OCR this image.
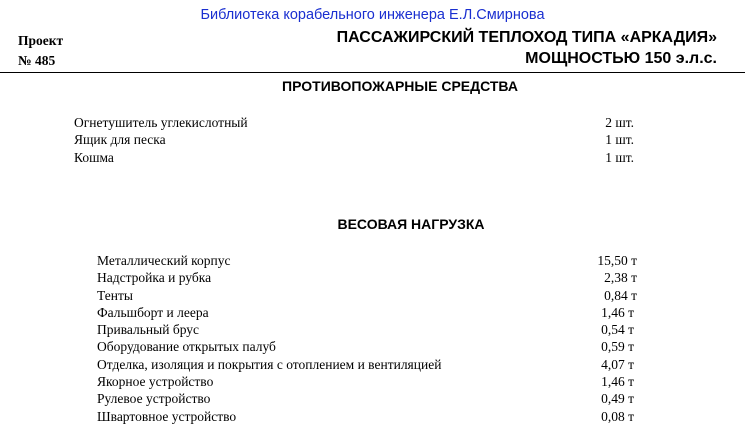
Библиотека корабельного инженера Е.Л.Смирнова
Проект
№ 485
ПАССАЖИРСКИЙ ТЕПЛОХОД ТИПА «АРКАДИЯ»
МОЩНОСТЬЮ 150 э.л.с.
ПРОТИВОПОЖАРНЫЕ СРЕДСТВА
Огнетушитель углекислотный	2 шт.
Ящик для песка	1 шт.
Кошма	1 шт.
ВЕСОВАЯ НАГРУЗКА
Металлический корпус	15,50 т
Надстройка и рубка	2,38 т
Тенты	0,84 т
Фальшборт и леера	1,46 т
Привальный брус	0,54 т
Оборудование открытых палуб	0,59 т
Отделка, изоляция и покрытия с отоплением и вентиляцией	4,07 т
Якорное устройство	1,46 т
Рулевое устройство	0,49 т
Швартовное устройство	0,08 т
